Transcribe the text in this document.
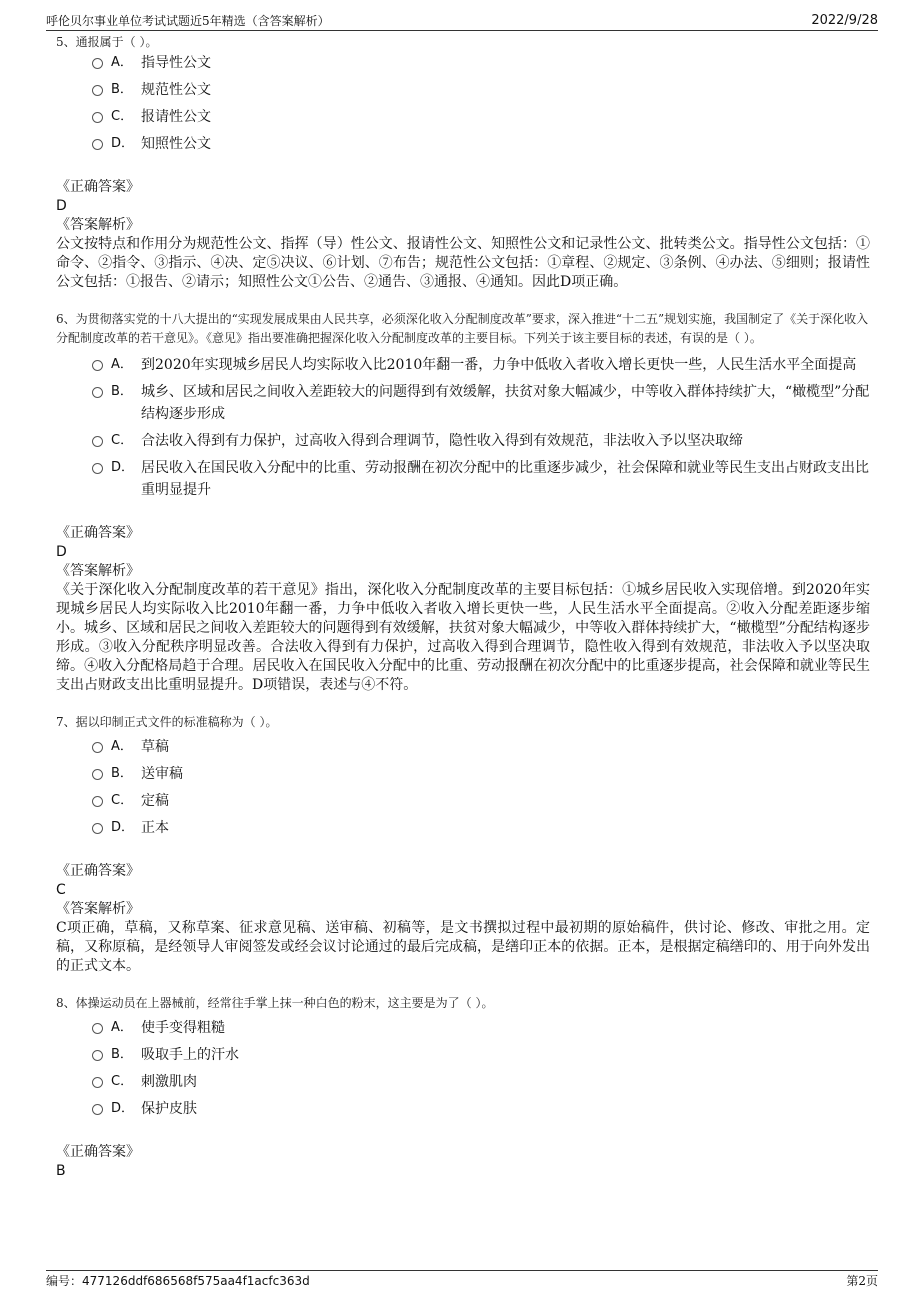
呼伦贝尔事业单位考试试题近5年精选（含答案解析）	2022/9/28
5、通报属于（ ）。
A． 指导性公文
B． 规范性公文
C． 报请性公文
D． 知照性公文
《正确答案》
D
《答案解析》
公文按特点和作用分为规范性公文、指挥（导）性公文、报请性公文、知照性公文和记录性公文、批转类公文。指导性公文包括：①命令、②指令、③指示、④决、定⑤决议、⑥计划、⑦布告；规范性公文包括：①章程、②规定、③条例、④办法、⑤细则；报请性公文包括：①报告、②请示；知照性公文①公告、②通告、③通报、④通知。因此D项正确。
6、为贯彻落实党的十八大提出的“实现发展成果由人民共享，必须深化收入分配制度改革”要求，深入推进“十二五”规划实施，我国制定了《关于深化收入分配制度改革的若干意见》。《意见》指出要准确把握深化收入分配制度改革的主要目标。下列关于该主要目标的表述，有误的是（ ）。
A． 到2020年实现城乡居民人均实际收入比2010年翻一番，力争中低收入者收入增长更快一些，人民生活水平全面提高
B． 城乡、区域和居民之间收入差距较大的问题得到有效缓解，扶贫对象大幅减少，中等收入群体持续扩大，“橄榄型”分配结构逐步形成
C． 合法收入得到有力保护，过高收入得到合理调节，隐性收入得到有效规范，非法收入予以坚决取缔
D． 居民收入在国民收入分配中的比重、劳动报酬在初次分配中的比重逐步减少，社会保障和就业等民生支出占财政支出比重明显提升
《正确答案》
D
《答案解析》
《关于深化收入分配制度改革的若干意见》指出，深化收入分配制度改革的主要目标包括：①城乡居民收入实现倍增。到2020年实现城乡居民人均实际收入比2010年翻一番，力争中低收入者收入增长更快一些，人民生活水平全面提高。②收入分配差距逐步缩小。城乡、区域和居民之间收入差距较大的问题得到有效缓解，扶贫对象大幅减少，中等收入群体持续扩大，“橄榄型”分配结构逐步形成。③收入分配秩序明显改善。合法收入得到有力保护，过高收入得到合理调节，隐性收入得到有效规范，非法收入予以坚决取缔。④收入分配格局趋于合理。居民收入在国民收入分配中的比重、劳动报酬在初次分配中的比重逐步提高，社会保障和就业等民生支出占财政支出比重明显提升。D项错误，表述与④不符。
7、据以印制正式文件的标准稿称为（ ）。
A． 草稿
B． 送审稿
C． 定稿
D． 正本
《正确答案》
C
《答案解析》
C项正确，草稿，又称草案、征求意见稿、送审稿、初稿等，是文书撰拟过程中最初期的原始稿件，供讨论、修改、审批之用。定稿，又称原稿，是经领导人审阅签发或经会议讨论通过的最后完成稿，是缮印正本的依据。正本，是根据定稿缮印的、用于向外发出的正式文本。
8、体操运动员在上器械前，经常往手掌上抹一种白色的粉末，这主要是为了（ ）。
A． 使手变得粗糙
B． 吸取手上的汗水
C． 刺激肌肉
D． 保护皮肤
《正确答案》
B
编号：477126ddf686568f575aa4f1acfc363d	第2页
